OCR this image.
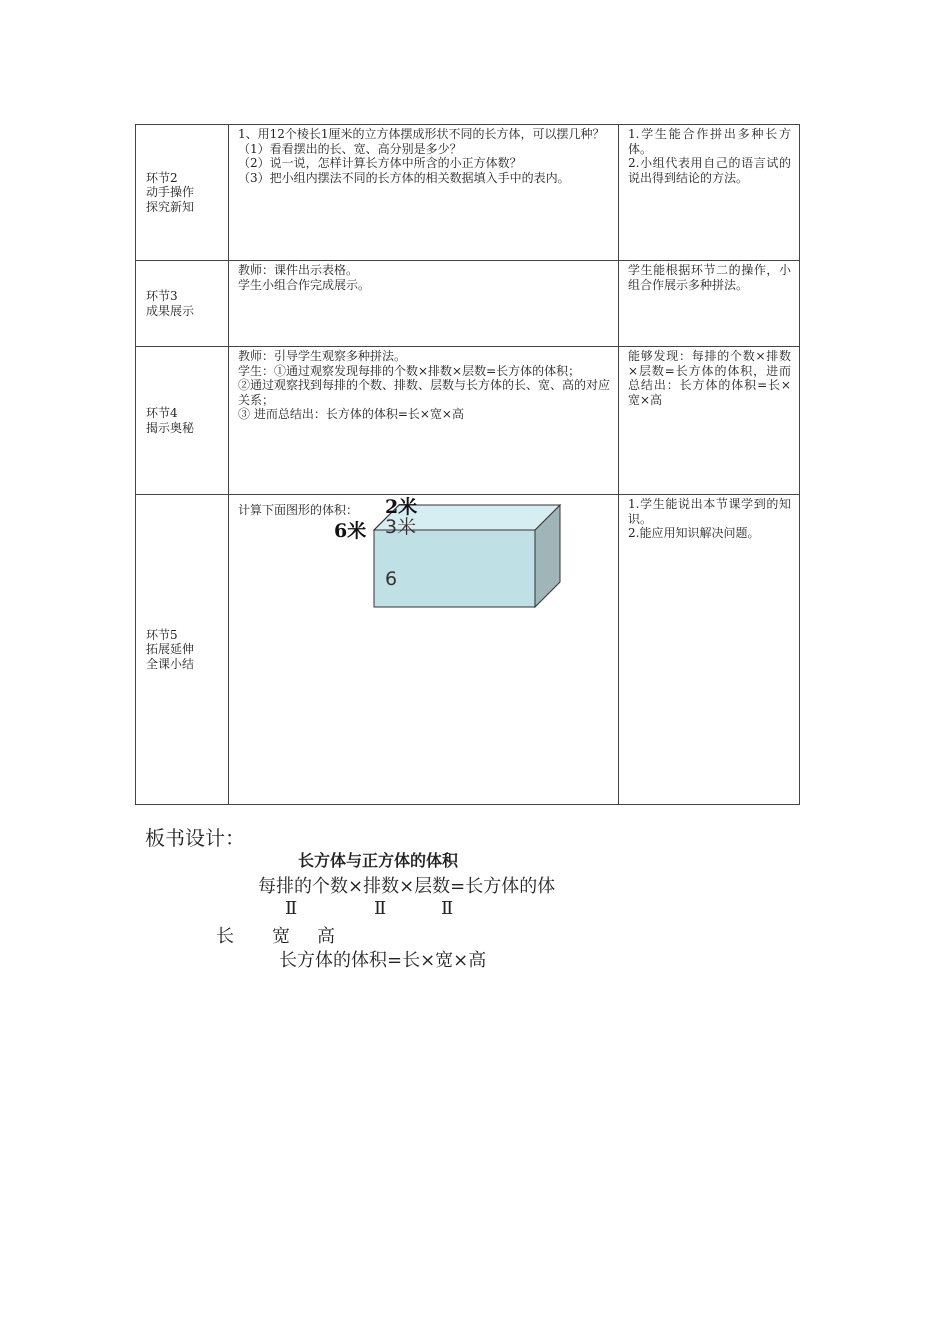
环节2
动手操作
探究新知	1、用12个棱长1厘米的立方体摆成形状不同的长方体，可以摆几种？
（1）看看摆出的长、宽、高分别是多少？
（2）说一说，怎样计算长方体中所含的小正方体数？
（3）把小组内摆法不同的长方体的相关数据填入手中的表内。	1.学生能合作拼出多种长方体。
2.小组代表用自己的语言试的说出得到结论的方法。

环节3
成果展示	教师：课件出示表格。
学生小组合作完成展示。	学生能根据环节二的操作，小组合作展示多种拼法。

环节4
揭示奥秘	教师：引导学生观察多种拼法。
学生：①通过观察发现每排的个数×排数×层数=长方体的体积；
②通过观察找到每排的个数、排数、层数与长方体的长、宽、高的对应关系；
③ 进而总结出：长方体的体积=长×宽×高	能够发现：每排的个数×排数×层数=长方体的体积，进而总结出：长方体的体积=长×宽×高

环节5
拓展延伸
全课小结	计算下面图形的体积： 2米
6米 3米
6	1.学生能说出本节课学到的知识。
2.能应用知识解决问题。
板书设计：
长方体与正方体的体积
每排的个数×排数×层数=长方体的体
Ⅱ	Ⅱ	Ⅱ
长 宽 高
长方体的体积=长×宽×高
